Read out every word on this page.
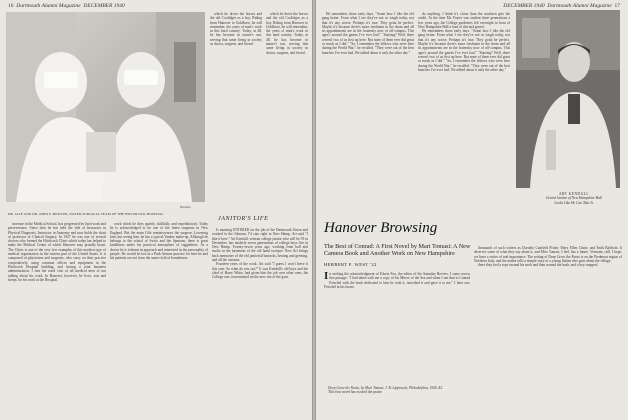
16 Dartmouth Alumni Magazine DECEMBER 1940
Bowdoin
DR. GILE AND DR. JOHN P. BOWLER, NOTED SURGICAL TEAM OF THE HITCHCOCK HOSPITAL

which he drove the horses and the old Coolidges as a boy. Riding from Hanover to Goldboro, he will remember, the years of men's work in this hard country. Today, at 48, he has become in nature's son, serving that same living in society as doctor, surgeon, and friend.

JANITOR'S LIFE

increase in the Medical School, has progressed by hard work and perseverance. Since then he has held the title of Instructor in Physical Diagnosis, Instructor in Anatomy and now holds the chair of professor of Clinical Surgery. In 1927 he was one of several doctors who formed the Hitchcock Clinic which today has helped to make the Medical Center of which Hanover may proudly boast. The Clinic is one of the very few examples of this modern type of medical organization in the eastern part of the United States. It is composed of physicians and surgeons, who carry on their practice cooperatively, using common offices and equipment in the Hitchcock Hospital building, and having a joint business administration. I fear his ward visit of all medical men of not talking about his work. In Hanover, however, he lives, eats and sleeps for his work at the Hospital.

work which he does quietly, skillfully, and expeditiously. Today he is acknowledged to be one of the finest surgeons in New England. But the main Gile reminiscences the surgeon. Lowering him, but seeing him, he has a typical Yankee make-up. Although he belongs to the school of Swiss and the Spartans, there is great kindliness under his practical atmosphere of ruggedness. As a doctor he is tolerant in approach and interested in the personality of people. He would be lost in a Park Avenue practice for here he and his patients are not from the same cloth of homeliness.

Is morning ENTERED on the job of the Dartmouth Union and worked in the Johnson. I'd stay right in New Hamp. Art said "I like it here." Art Kendall, veteran college janitor who will be 59 in December, has tenderly seven generations of college boys live in New Hamp. Twenty-seven years ago, working from hall and studio in the basement of the old hand sweeper. Now Art brings back memories of the old janitorial barracks, heating and greeting, and all the curtains.

Fourteen years of the work. Art said "I guess I won't leave it this year. So what do you say?" It was Kendall's old boys and the chief of Harry White, had given him the job over other ones, the College was concentrated on the new site of the gym.

which he drove the horses and the old Coolidges as a boy. Riding from Hanover to Goldboro, he will remember, the years of men's work in this hard country. Today, at 48, he has become in nature's son, serving that same living in society as doctor, surgeon, and friend.

DECEMBER 1940 Dartmouth Alumni Magazine 17

He remembers those early days. "Some how I like the old gang better. From what I see they've not so tough today, not that it's any worse. Perhaps it's true. They gotta be perfect. Maybe it's because there's more freshmen in the dorm and all its appointments are in the fraternity now of off-campus. This ages's around the games I've ever had." "Starting? Well, there weren't two of us first up here. But none of them ever did great or much as I did." "So, I remember the fellows who were here during the World War," he recalled. "They were out of the best bunches I've ever had. We talked about it only the other day."

do anything. I think it's closer than the southern gets the credit. At the time Mr. Foster was student three generations a few years ago, the College gardeners felt overnight in front of New Hampshire Hall a load of dirt and gravel.

He remembers those early days. "Some how I like the old gang better. From what I see they've not so tough today, not that it's any worse. Perhaps it's true. They gotta be perfect. Maybe it's because there's more freshmen in the dorm and all its appointments are in the fraternity now of off-campus. This ages's around the games I've ever had." "Starting? Well, there weren't two of us first up here. But none of them ever did great or much as I did." "So, I remember the fellows who were here during the World War," he recalled. "They were out of the best bunches I've ever had. We talked about it only the other day."

ART KENDALL
Genial Janitor of New Hampshire Hall
Looks Like He Can Take It.
Hanover Browsing
The Best of Conrad: A First Novel by Mari Tomasi: A New
Camera Book and Another Work on New Hampshire
HERBERT F. WEST '22
I n seeking the acknowledgment of Edwin Fox, the editor of the Saturday Review, I came across this passage: "I had taken with me a copy of his Mirror of the Sea and when I ran that to Conrad Fetschel with the book dedicated to him he took it, inscribed it and gave it to me." I later saw Fetschel at his house.

thousands of such writers as Dorothy Canfield Fisher, Mary Ellen Chase, and Faith Baldwin. It deserves some of what they say about it, and Miss Tomasi, I feel, has a future. Vermont, still, I hope, we have a writer of real importance. The setting of Deep Grow the Roots is on the Piedmont region of Northern Italy, and the author tells a simple story of a young Italian who goes about the village.

there they tied a rope around his neck and then around the bush, and a boy snapped.

Deep Grow the Roots, by Mari Tomasi. J. B. Lippincott, Philadelphia, 1940. $2.

This first novel has excited the praise
